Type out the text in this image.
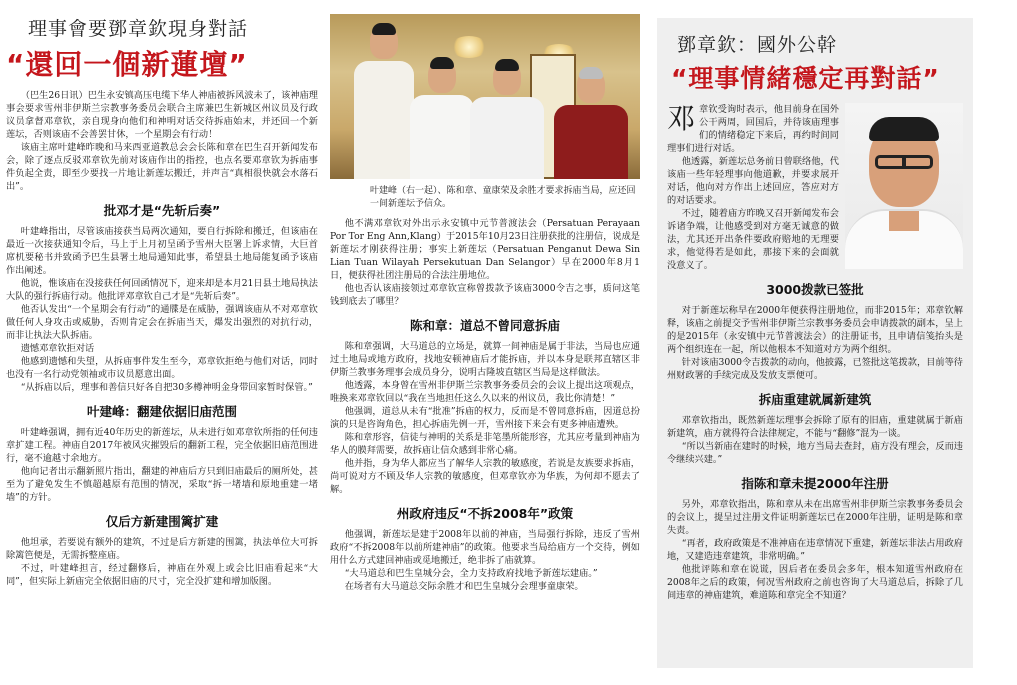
理事會要鄧章欽現身對話
“還回一個新蓮壇”

（巴生26日讯）巴生永安镇高压电缆下华人神庙被拆风波未了，该神庙理事会要求雪州非伊斯兰宗教事务委员会联合主席兼巴生新城区州议员及行政议员拿督邓章钦，亲自现身向他们和神明对话交待拆庙始末，并还回一个新莲坛，否则该庙不会善罢甘休，一个星期会有行动！

该庙主席叶建峰昨晚和马来西亚道教总会会长陈和章在巴生召开新闻发布会，除了逐点反驳邓章钦先前对该庙作出的指控，也点名要邓章钦为拆庙事件负起全责，即至少要找一片地让新莲坛搬迁，并声言“真相很快就会水落石出”。

批邓才是“先斩后奏”

叶建峰指出，尽管该庙接获当局两次通知，要自行拆除和搬迁，但该庙在最近一次接获通知令后，马上于上月初呈函予雪州大臣署上诉求情，大巨首席机要秘书并致函予巴生县署土地局通知此事，希望县土地局能复函予该庙作出阐述。

他说，惟该庙在没接获任何回函情况下，迎来却是本月21日县土地局执法大队的强行拆庙行动。他批评邓章钦自己才是“先斩后奏”。

他否认发出“一个星期会有行动”的通牒是在威胁，强调该庙从不对邓章钦做任何人身攻击或威胁，否则肯定会在拆庙当天，爆发出强烈的对抗行动，而非让执法大队拆庙。

遗憾邓章钦拒对话

他感到遗憾和失望，从拆庙事件发生至今，邓章钦拒绝与他们对话，同时也没有一名行动党领袖或市议员愿意出面。

“从拆庙以后，理事和善信只好各自把30多樽神明金身带回家暂时保管。”

叶建峰：翻建依据旧庙范围

叶建峰强调，拥有近40年历史的新莲坛，从未进行如邓章钦所指的任何违章扩建工程。神庙自2017年被风灾摧毁后的翻新工程，完全依据旧庙范围进行，毫不逾越寸余地方。

他向记者出示翻新照片指出，翻建的神庙后方只到旧庙最后的厕所处，甚至为了避免发生不慎超越原有范围的情况，采取“拆一堵墙和原地重建一堵墙”的方针。

仅后方新建围篱扩建

他坦承，若要说有额外的建筑，不过是后方新建的围篱，执法单位大可拆除篱笆便是，无需拆整座庙。

不过，叶建峰担言，经过翻修后，神庙在外观上或会比旧庙看起来“大同”，但实际上新庙完全依据旧庙的尺寸，完全没扩建和增加版图。

叶建峰（右一起）、陈和章、童康荣及余胜才要求拆庙当局，应还回一间新莲坛予信众。

他不满邓章钦对外出示永安镇中元节普渡法会（Persatuan Perayaan Por Tor Eng Ann,Klang）于2015年10月23日注册获批的注册信，说成是新莲坛才刚获得注册；事实上新莲坛（Persatuan Penganut Dewa Sin Lian Tuan Wilayah Persekutuan Dan Selangor）早在2000年8月1日，便获得社团注册局的合法注册地位。

他也否认该庙接领过邓章钦宣称曾拨款予该庙3000令吉之事，质问这笔钱到底去了哪里？

陈和章：道总不曾同意拆庙

陈和章强调，大马道总的立场是，就算一间神庙是属于非法，当局也应通过土地局或地方政府，找地安顿神庙后才能拆庙，并以本身是联邦直辖区非伊斯兰教事务理事会成员身分，说明古隆坡直辖区当局是这样做法。

他透露，本身曾在雪州非伊斯兰宗教事务委员会的会议上提出这项观点，唯换来邓章钦回以“我在当地担任这么久以来的州议员，我比你清楚！”

他强调，道总从未有“批准”拆庙的权力，反而是不曾同意拆庙，因道总扮演的只是咨询角色，担心拆庙先例一开，雪州接下来会有更多神庙遭殃。

陈和章形容，信徒与神明的关系是非笔墨所能形容，尤其应考量到神庙为华人的膜拜需要，故拆庙让信众感到非常心痛。

他并指，身为华人都应当了解华人宗教的敏感度，若说是友族要求拆庙，尚可说对方不顾及华人宗教的敏感度，但邓章钦亦为华族，为何却不愿去了解。

州政府违反“不拆2008年”政策

他强调，新莲坛是建于2008年以前的神庙，当局强行拆除，违反了雪州政府“不拆2008年以前所建神庙”的政策。他要求当局给庙方一个交待，例如用什么方式建回神庙或觅地搬迁，绝非拆了庙就算。

“大马道总和巴生皇城分会，全力支持政府找地予新莲坛建庙。”

在场者有大马道总交际余胜才和巴生皇城分会理事童康荣。

鄧章欽：國外公幹
“理事情緒穩定再對話”
邓 章钦受询时表示，他目前身在国外公干两周，回国后，并待该庙理事们的情绪稳定下来后，再约时间同理事们进行对话。

他透露，新莲坛总务前日曾联络他，代该庙一些年轻理事向他道歉，并要求展开对话，他向对方作出上述回应，答应对方的对话要求。

不过，随着庙方昨晚又召开新闻发布会诉诸争端，让他感受到对方毫无诚意的做法，尤其还开出条件要政府赔地的无理要求，他觉得若是如此，那接下来的会面就没意义了。

3000拨款已签批

对于新莲坛称早在2000年便获得注册地位，而非2015年；邓章钦解释，该庙之前提交予雪州非伊斯兰宗教事务委员会申请拨款的副本，呈上的是2015年（永安镇中元节普渡法会）的注册证书，且申请信笺抬头是两个组织连在一起，所以他根本不知道对方为两个组织。

针对该庙3000令吉拨款的动向，他披露，已签批这笔拨款，目前等待州财政署的手续完成及发放支票便可。

拆庙重建就属新建筑

邓章钦指出，既然新莲坛理事会拆除了原有的旧庙，重建就属于新庙新建筑，庙方就得符合法律规定，不能与“翻修”混为一谈。

“所以当新庙在建时的时候，地方当局去查封，庙方没有理会，反而违令继续兴建。”

指陈和章未提2000年注册

另外，邓章钦指出，陈和章从未在出席雪州非伊斯兰宗教事务委员会的会议上，提呈过注册文件证明新莲坛已在2000年注册，证明是陈和章失责。

“再者，政府政策是不准神庙在违章情况下重建，新莲坛非法占用政府地，又建造违章建筑，非常明确。”

他批评陈和章在说谎，因后者在委员会多年，根本知道雪州政府在2008年之后的政策，何况雪州政府之前也咨询了大马道总后，拆除了几间违章的神庙建筑，难道陈和章完全不知道？
